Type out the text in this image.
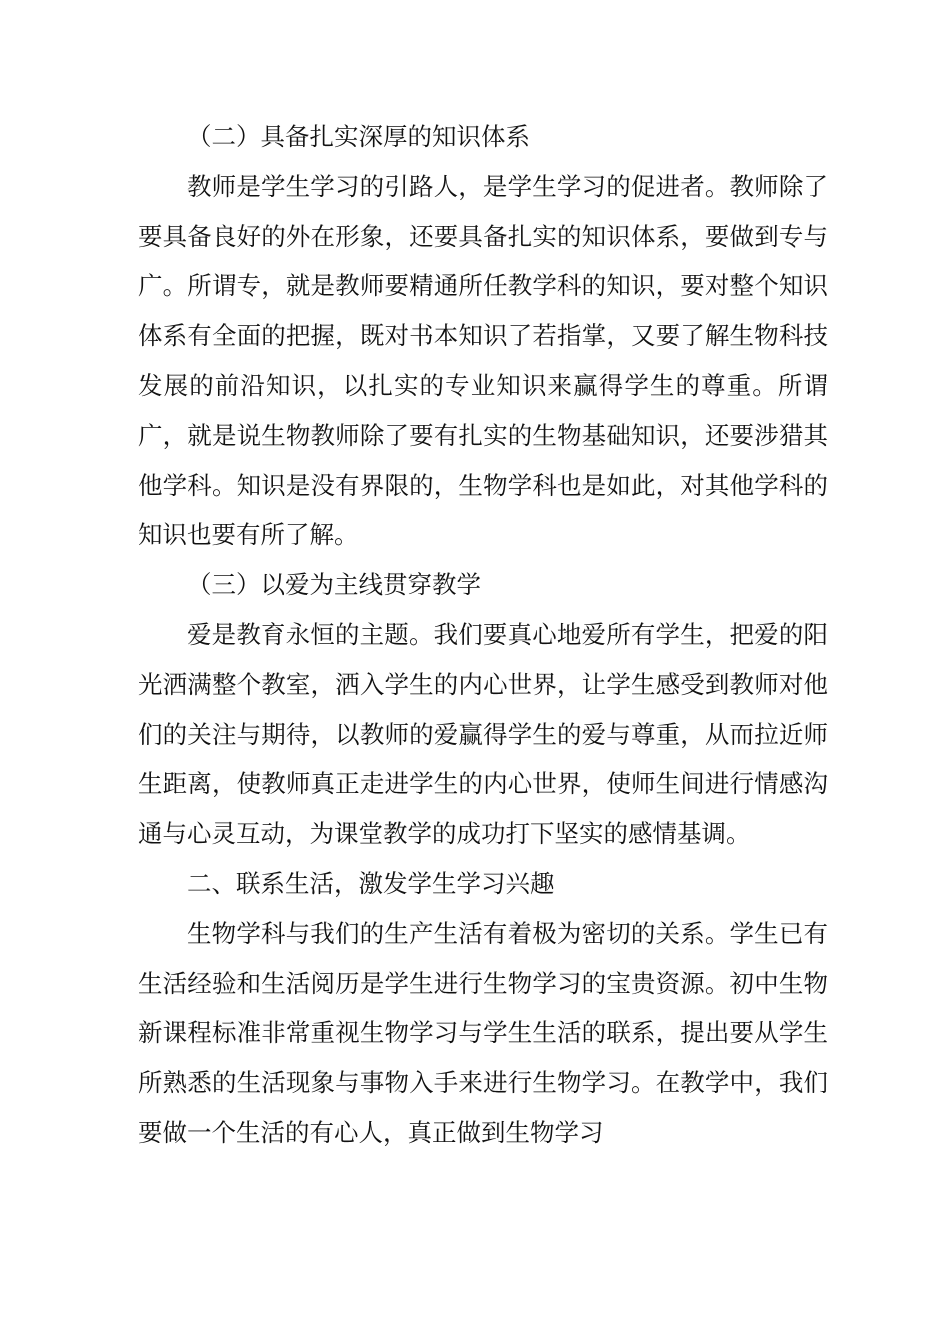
（二）具备扎实深厚的知识体系

教师是学生学习的引路人，是学生学习的促进者。教师除了要具备良好的外在形象，还要具备扎实的知识体系，要做到专与广。所谓专，就是教师要精通所任教学科的知识，要对整个知识体系有全面的把握，既对书本知识了若指掌，又要了解生物科技发展的前沿知识，以扎实的专业知识来赢得学生的尊重。所谓广，就是说生物教师除了要有扎实的生物基础知识，还要涉猎其他学科。知识是没有界限的，生物学科也是如此，对其他学科的知识也要有所了解。

（三）以爱为主线贯穿教学

爱是教育永恒的主题。我们要真心地爱所有学生，把爱的阳光洒满整个教室，洒入学生的内心世界，让学生感受到教师对他们的关注与期待，以教师的爱赢得学生的爱与尊重，从而拉近师生距离，使教师真正走进学生的内心世界，使师生间进行情感沟通与心灵互动，为课堂教学的成功打下坚实的感情基调。

二、联系生活，激发学生学习兴趣

生物学科与我们的生产生活有着极为密切的关系。学生已有生活经验和生活阅历是学生进行生物学习的宝贵资源。初中生物新课程标准非常重视生物学习与学生生活的联系，提出要从学生所熟悉的生活现象与事物入手来进行生物学习。在教学中，我们要做一个生活的有心人，真正做到生物学习
